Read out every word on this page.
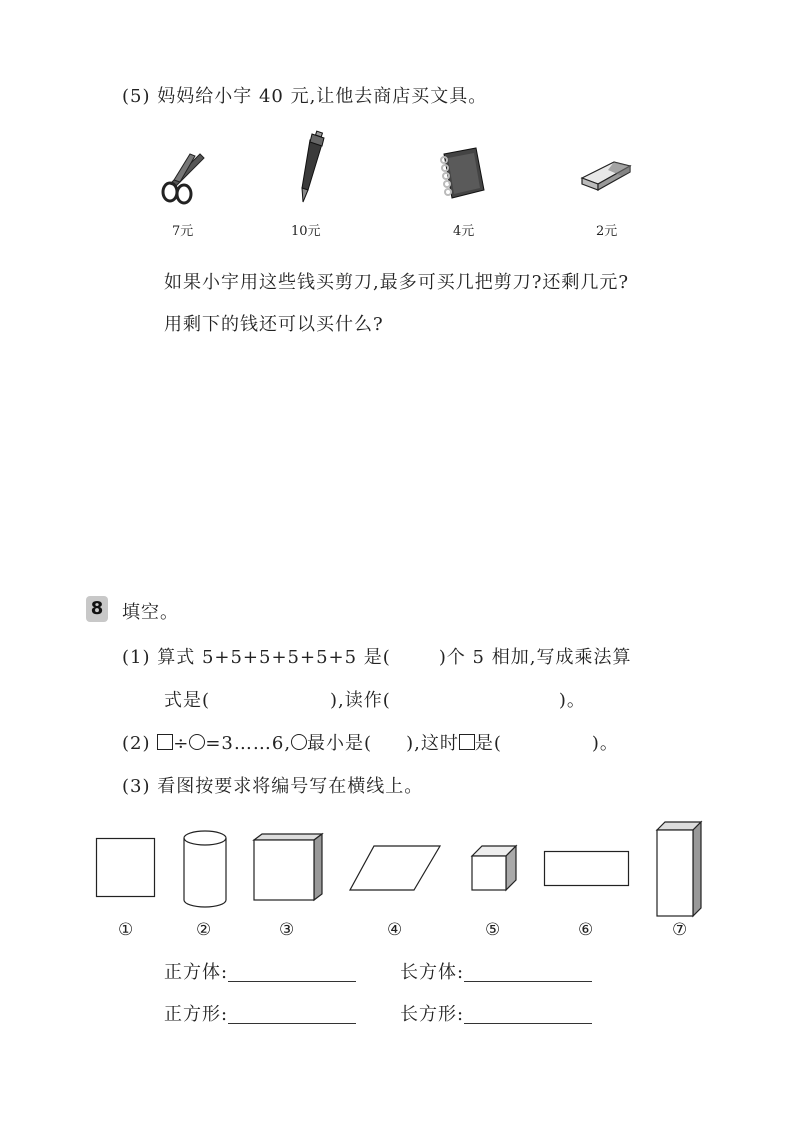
(5) 妈妈给小宇 40 元,让他去商店买文具。
7元	10元	4元	2元
如果小宇用这些钱买剪刀,最多可买几把剪刀?还剩几元?
用剩下的钱还可以买什么?
8 填空。
(1) 算式 5+5+5+5+5+5 是(	)个 5 相加,写成乘法算
式是(	),读作(	)。
(2) ÷ =3……6, 最小是( ),这时 是(	)。
(3) 看图按要求将编号写在横线上。
①	②	③	④	⑤	⑥	⑦
正方体:	长方体:
正方形:	长方形:
